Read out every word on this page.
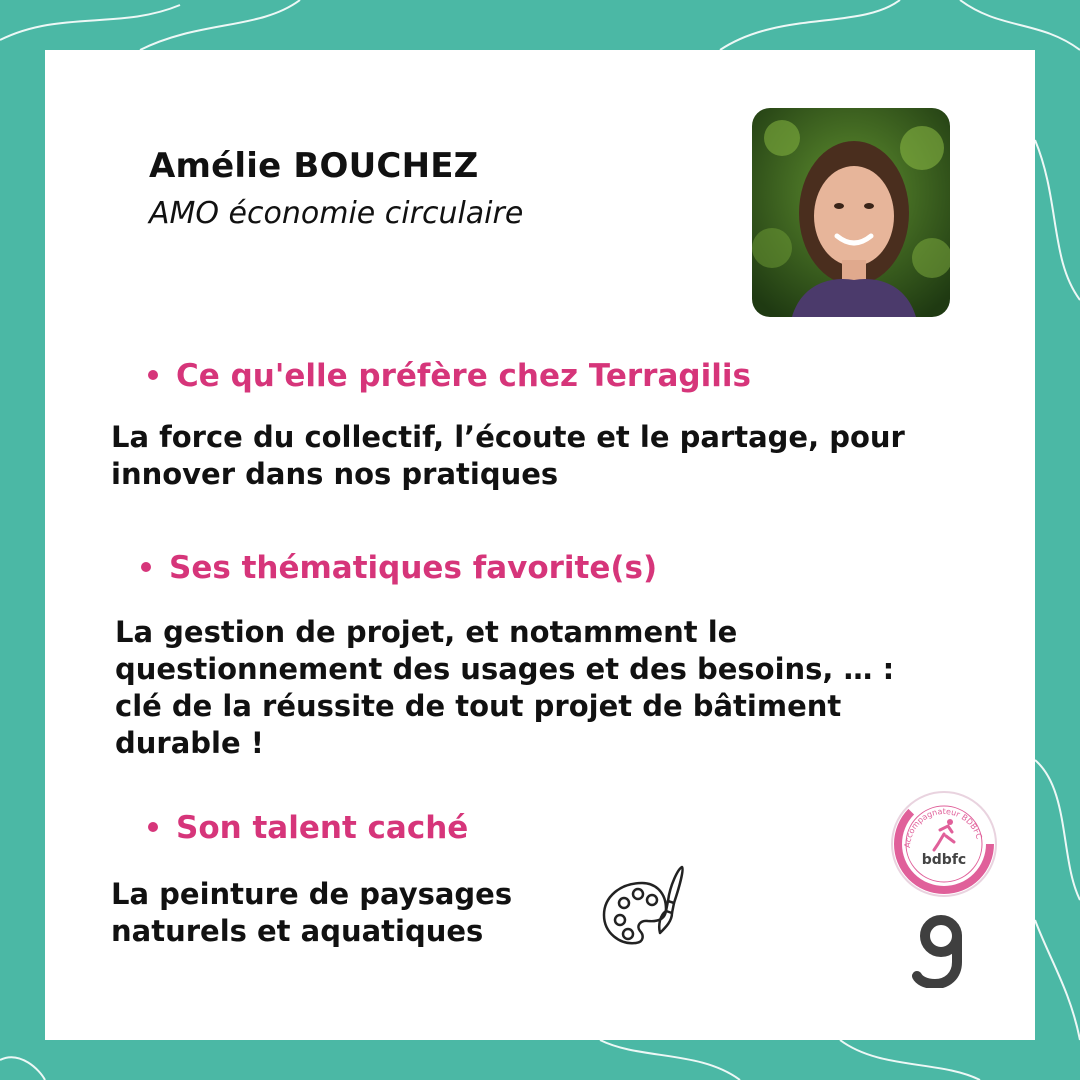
Amélie BOUCHEZ
AMO économie circulaire
Ce qu'elle préfère chez Terragilis
La force du collectif, l’écoute et le partage, pour
innover dans nos pratiques
Ses thématiques favorite(s)
La gestion de projet, et notamment le
questionnement des usages et des besoins, … :
clé de la réussite de tout projet de bâtiment
durable !
Son talent caché
La peinture de paysages
naturels et aquatiques
Accompagnateur BDBFC
bdbfc
2023
